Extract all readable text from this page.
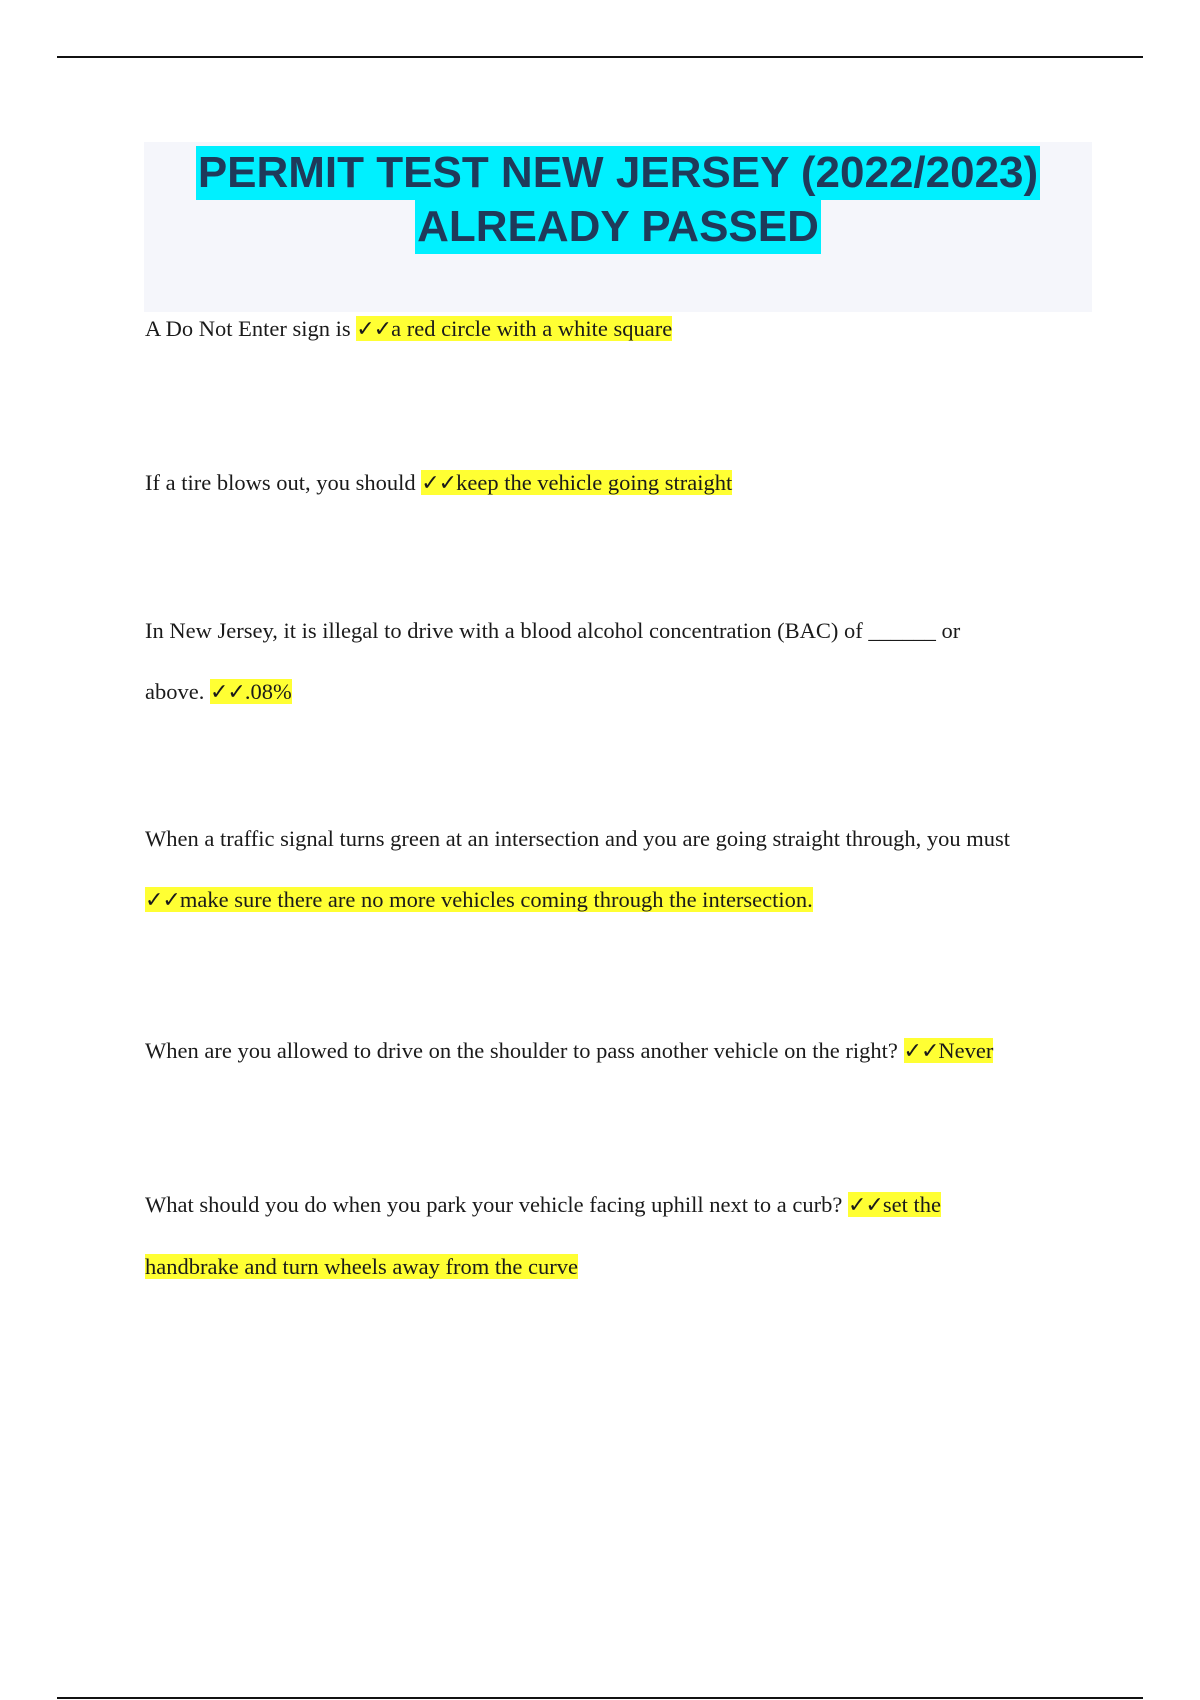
PERMIT TEST NEW JERSEY (2022/2023)
ALREADY PASSED
A Do Not Enter sign is ✓✓a red circle with a white square
If a tire blows out, you should ✓✓keep the vehicle going straight
In New Jersey, it is illegal to drive with a blood alcohol concentration (BAC) of ______ or
above. ✓✓.08%
When a traffic signal turns green at an intersection and you are going straight through, you must
✓✓make sure there are no more vehicles coming through the intersection.
When are you allowed to drive on the shoulder to pass another vehicle on the right? ✓✓Never
What should you do when you park your vehicle facing uphill next to a curb? ✓✓set the
handbrake and turn wheels away from the curve
